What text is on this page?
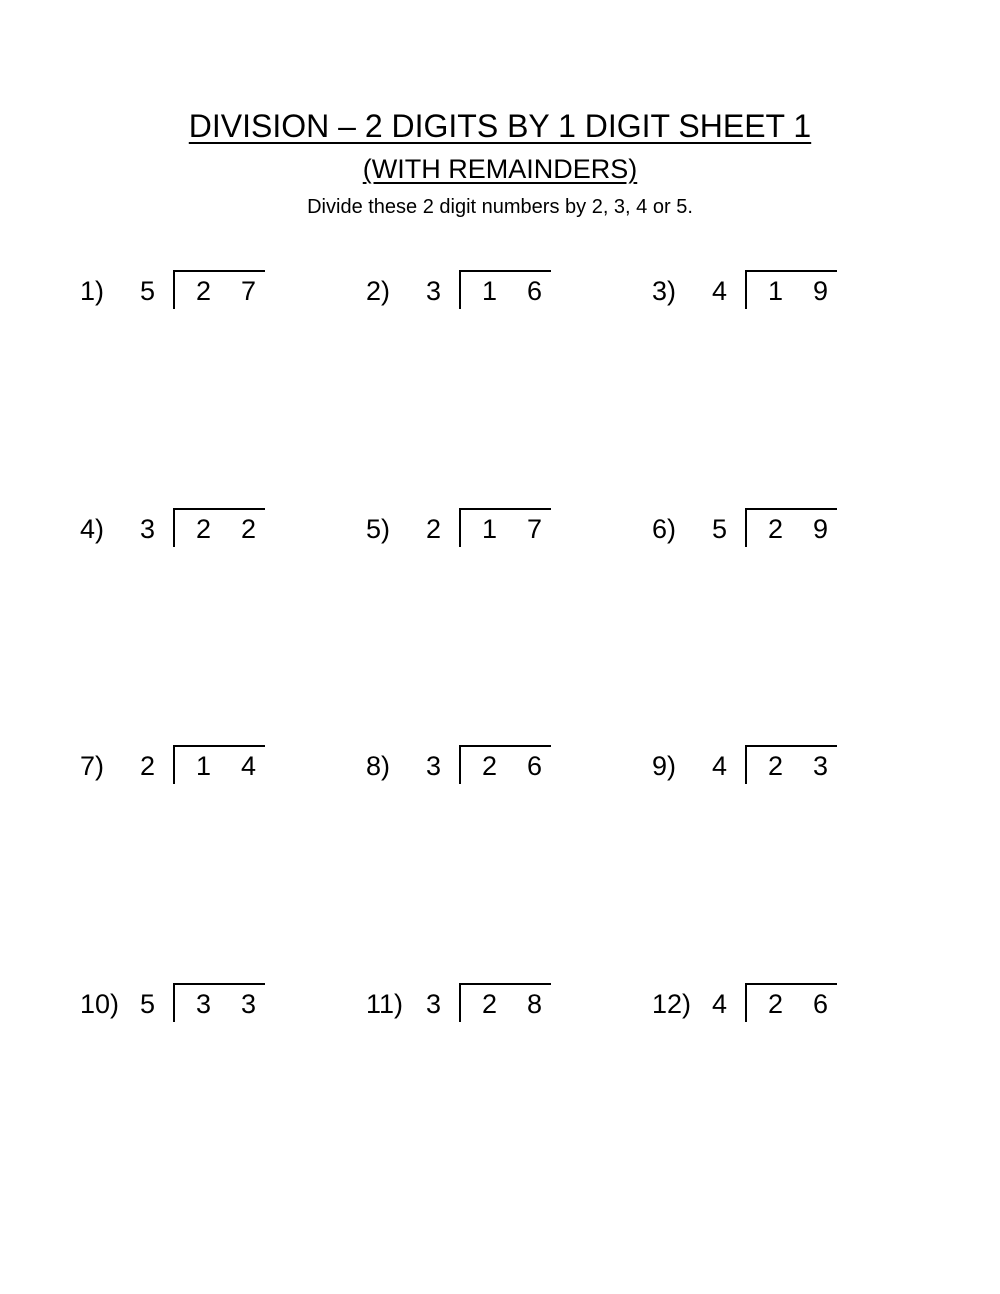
DIVISION – 2 DIGITS BY 1 DIGIT SHEET 1
(WITH REMAINDERS)
Divide these 2 digit numbers by 2, 3, 4 or 5.
1) 5 2 7	2) 3 1 6	3) 4 1 9
4) 3 2 2	5) 2 1 7	6) 5 2 9
7) 2 1 4	8) 3 2 6	9) 4 2 3
10) 5 3 3	11) 3 2 8	12) 4 2 6
